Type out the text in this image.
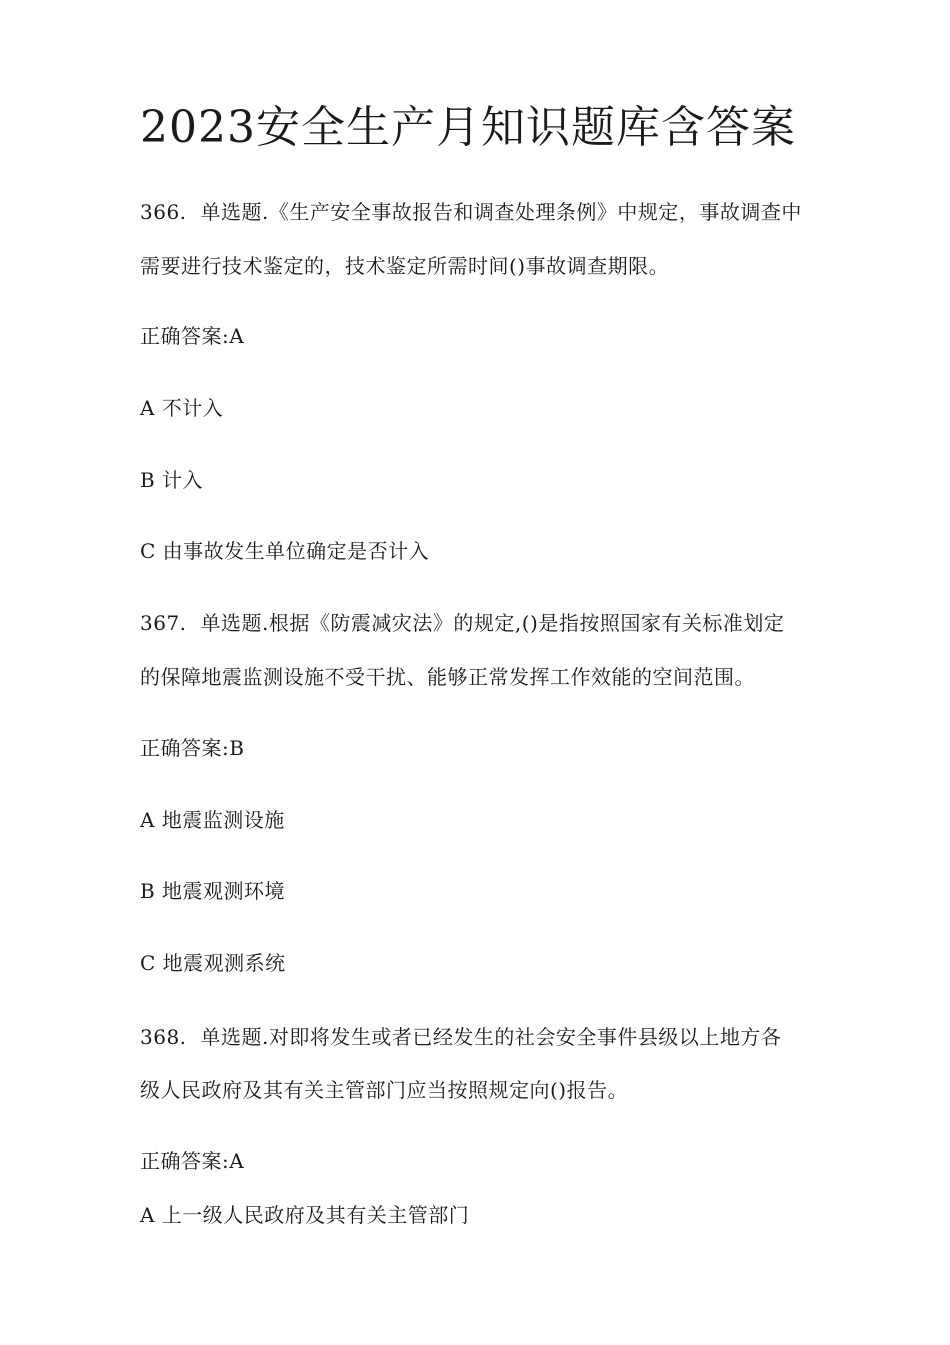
2023安全生产月知识题库含答案
366. 单选题.《生产安全事故报告和调查处理条例》中规定，事故调查中
需要进行技术鉴定的，技术鉴定所需时间()事故调查期限。
正确答案:A
A 不计入
B 计入
C 由事故发生单位确定是否计入
367. 单选题.根据《防震减灾法》的规定,()是指按照国家有关标准划定
的保障地震监测设施不受干扰、能够正常发挥工作效能的空间范围。
正确答案:B
A 地震监测设施
B 地震观测环境
C 地震观测系统
368. 单选题.对即将发生或者已经发生的社会安全事件县级以上地方各
级人民政府及其有关主管部门应当按照规定向()报告。
正确答案:A
A 上一级人民政府及其有关主管部门
